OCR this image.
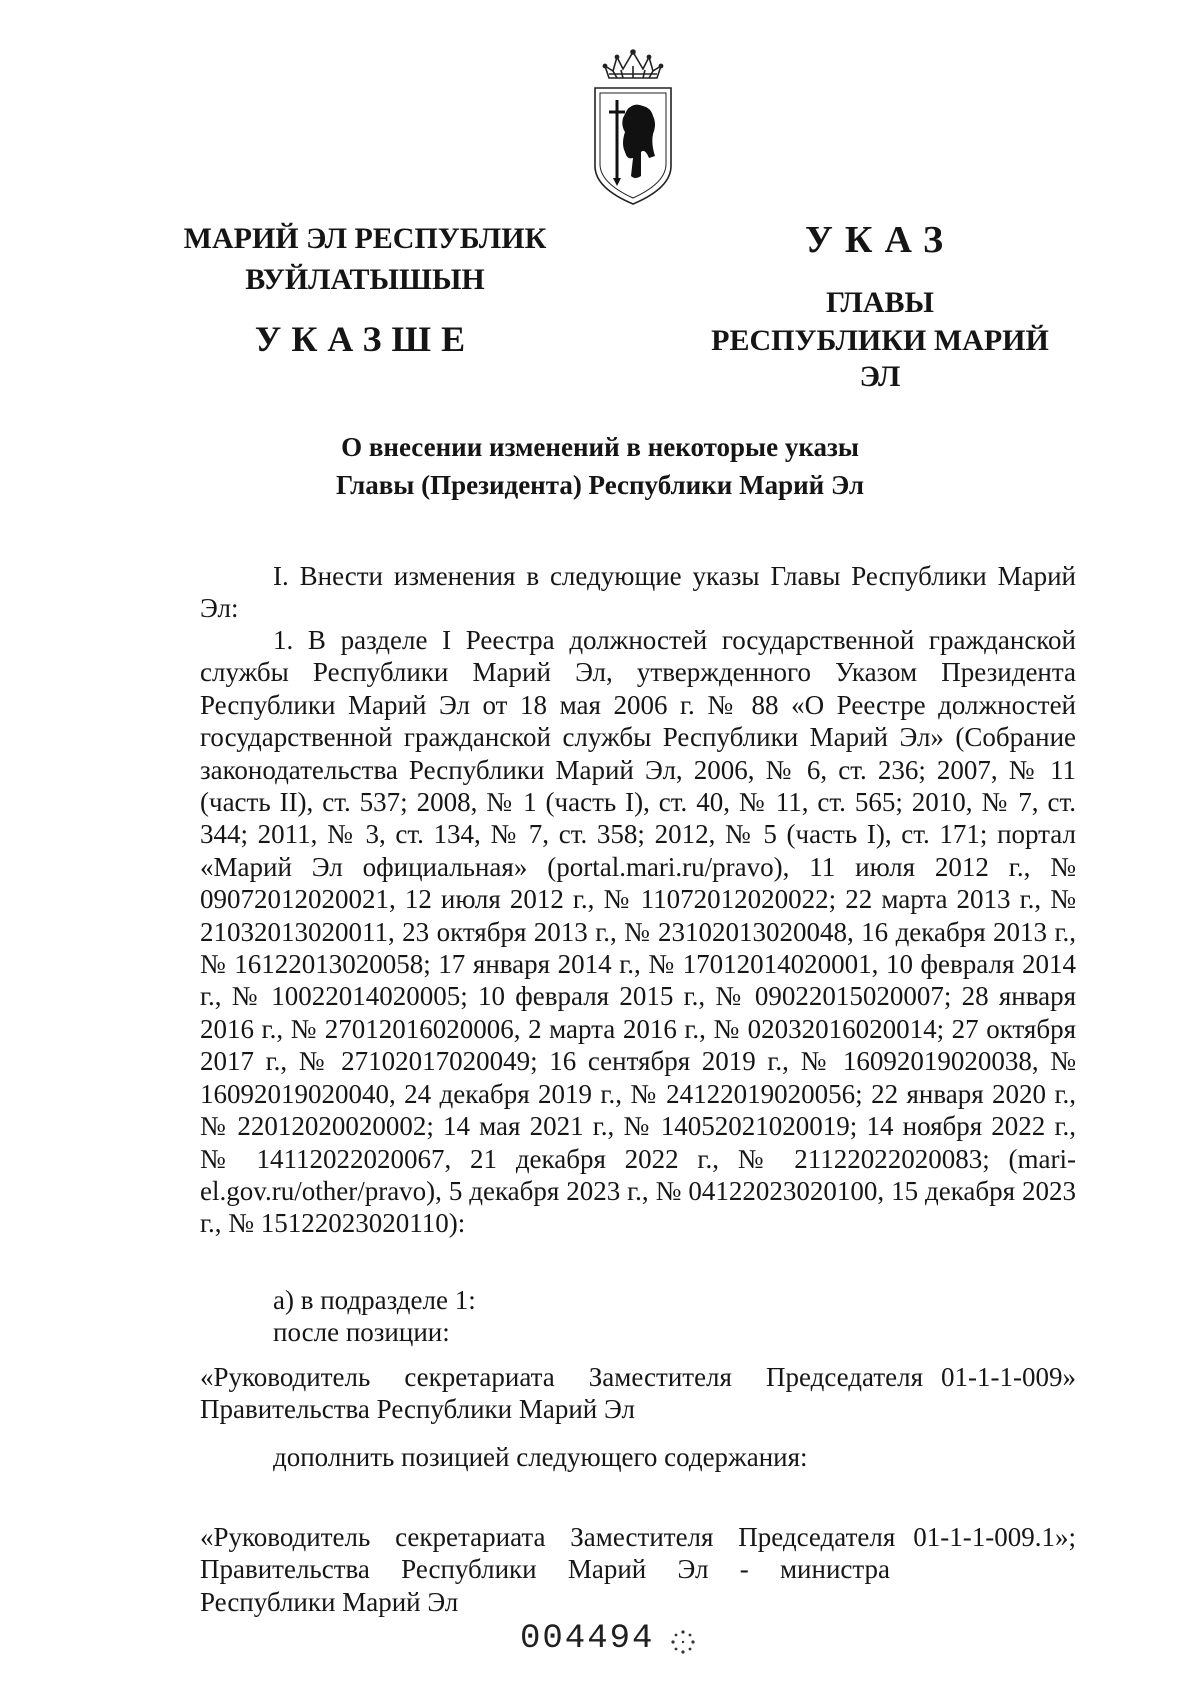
МАРИЙ ЭЛ РЕСПУБЛИК
ВУЙЛАТЫШЫН
УКАЗШЕ
УКАЗ
ГЛАВЫ
РЕСПУБЛИКИ МАРИЙ ЭЛ
О внесении изменений в некоторые указы
Главы (Президента) Республики Марий Эл
I. Внести изменения в следующие указы Главы Республики Марий Эл:
1. В разделе I Реестра должностей государственной гражданской службы Республики Марий Эл, утвержденного Указом Президента Республики Марий Эл от 18 мая 2006 г. № 88 «О Реестре должностей государственной гражданской службы Республики Марий Эл» (Собрание законодательства Республики Марий Эл, 2006, № 6, ст. 236; 2007, № 11 (часть II), ст. 537; 2008, № 1 (часть I), ст. 40, № 11, ст. 565; 2010, № 7, ст. 344; 2011, № 3, ст. 134, № 7, ст. 358; 2012, № 5 (часть I), ст. 171; портал «Марий Эл официальная» (portal.mari.ru/pravo), 11 июля 2012 г., № 09072012020021, 12 июля 2012 г., № 11072012020022; 22 марта 2013 г., № 21032013020011, 23 октября 2013 г., № 23102013020048, 16 декабря 2013 г., № 16122013020058; 17 января 2014 г., № 17012014020001, 10 февраля 2014 г., № 10022014020005; 10 февраля 2015 г., № 09022015020007; 28 января 2016 г., № 27012016020006, 2 марта 2016 г., № 02032016020014; 27 октября 2017 г., № 27102017020049; 16 сентября 2019 г., № 16092019020038, № 16092019020040, 24 декабря 2019 г., № 24122019020056; 22 января 2020 г., № 22012020020002; 14 мая 2021 г., № 14052021020019; 14 ноября 2022 г., № 14112022020067, 21 декабря 2022 г., № 21122022020083; (mari-el.gov.ru/other/pravo), 5 декабря 2023 г., № 04122023020100, 15 декабря 2023 г., № 15122023020110):
а) в подразделе 1:
после позиции:
«Руководитель секретариата Заместителя Председателя 01-1-1-009»
Правительства Республики Марий Эл
дополнить позицией следующего содержания:
«Руководитель секретариата Заместителя Председателя 01-1-1-009.1»;
Правительства Республики Марий Эл - министра
Республики Марий Эл
004494
